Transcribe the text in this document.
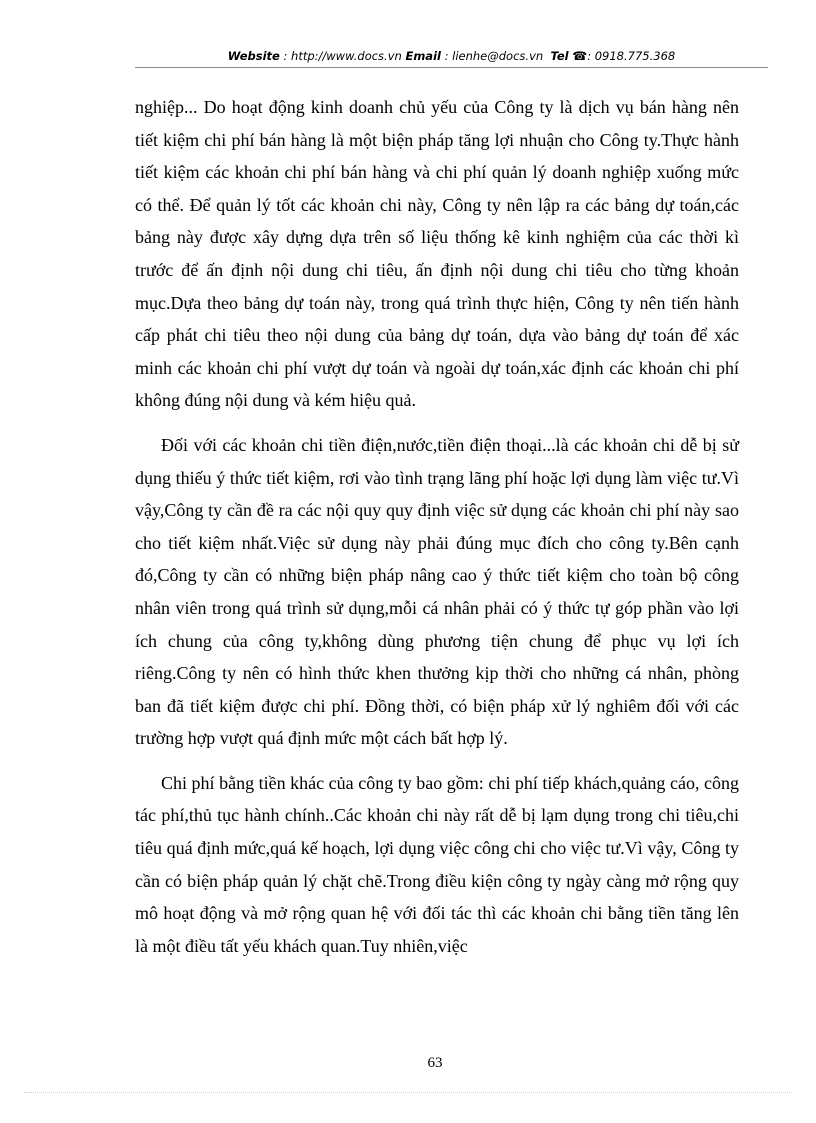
Website : http://www.docs.vn Email : lienhe@docs.vn Tel ☎: 0918.775.368

nghiệp... Do hoạt động kinh doanh chủ yếu của Công ty là dịch vụ bán hàng nên tiết kiệm chi phí bán hàng là một biện pháp tăng lợi nhuận cho Công ty.Thực hành tiết kiệm các khoản chi phí bán hàng và chi phí quản lý doanh nghiệp xuống mức có thể. Để quản lý tốt các khoản chi này, Công ty nên lập ra các bảng dự toán,các bảng này được xây dựng dựa trên số liệu thống kê kinh nghiệm của các thời kì trước để ấn định nội dung chi tiêu, ấn định nội dung chi tiêu cho từng khoản mục.Dựa theo bảng dự toán này, trong quá trình thực hiện, Công ty nên tiến hành cấp phát chi tiêu theo nội dung của bảng dự toán, dựa vào bảng dự toán để xác minh các khoản chi phí vượt dự toán và ngoài dự toán,xác định các khoản chi phí không đúng nội dung và kém hiệu quả.

Đối với các khoản chi tiền điện,nước,tiền điện thoại...là các khoản chi dễ bị sử dụng thiếu ý thức tiết kiệm, rơi vào tình trạng lãng phí hoặc lợi dụng làm việc tư.Vì vậy,Công ty cần đề ra các nội quy quy định việc sử dụng các khoản chi phí này sao cho tiết kiệm nhất.Việc sử dụng này phải đúng mục đích cho công ty.Bên cạnh đó,Công ty cần có những biện pháp nâng cao ý thức tiết kiệm cho toàn bộ công nhân viên trong quá trình sử dụng,mỗi cá nhân phải có ý thức tự góp phần vào lợi ích chung của công ty,không dùng phương tiện chung để phục vụ lợi ích riêng.Công ty nên có hình thức khen thưởng kịp thời cho những cá nhân, phòng ban đã tiết kiệm được chi phí. Đồng thời, có biện pháp xử lý nghiêm đối với các trường hợp vượt quá định mức một cách bất hợp lý.

Chi phí bằng tiền khác của công ty bao gồm: chi phí tiếp khách,quảng cáo, công tác phí,thủ tục hành chính..Các khoản chi này rất dễ bị lạm dụng trong chi tiêu,chi tiêu quá định mức,quá kế hoạch, lợi dụng việc công chi cho việc tư.Vì vậy, Công ty cần có biện pháp quản lý chặt chẽ.Trong điều kiện công ty ngày càng mở rộng quy mô hoạt động và mở rộng quan hệ với đối tác thì các khoản chi bằng tiền tăng lên là một điều tất yếu khách quan.Tuy nhiên,việc

63
